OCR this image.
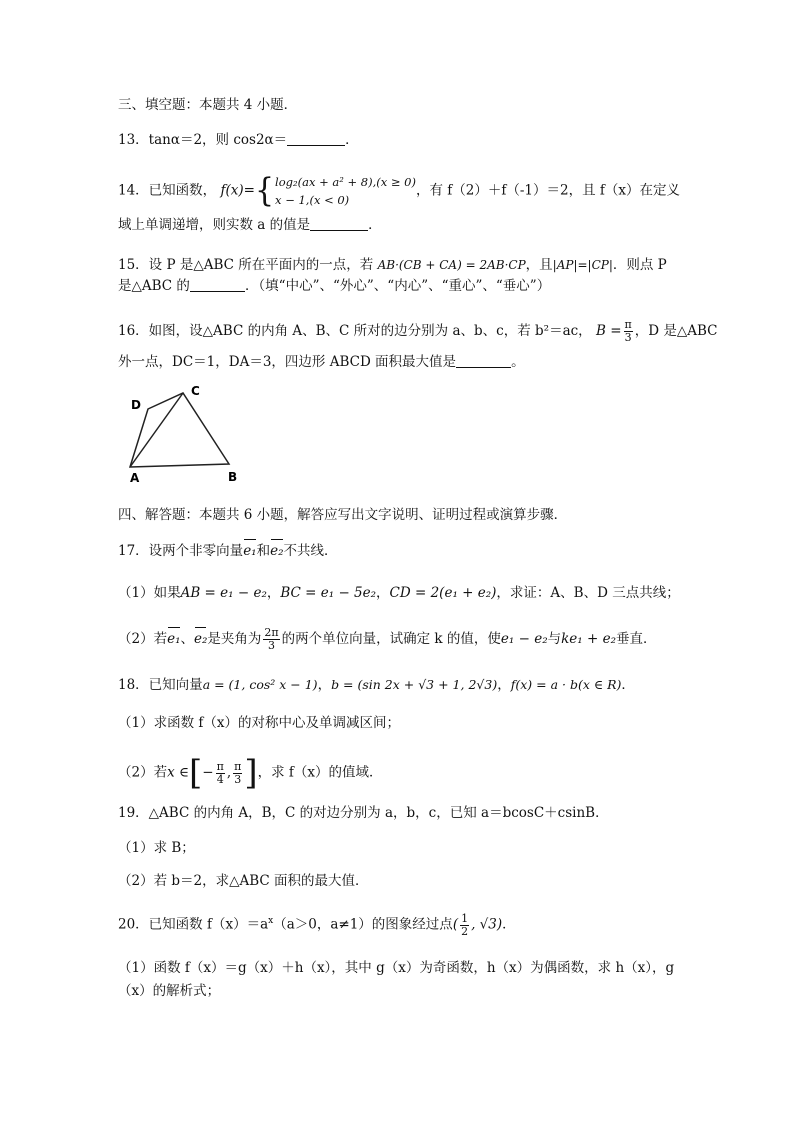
三、填空题：本题共 4 小题．
13．tanα＝2，则 cos2α＝	．
14．已知函数， f(x)={ log₂(ax + a² + 8),(x ≥ 0)
x − 1,(x < 0)
，有 f（2）＋f（-1）＝2，且 f（x）在定义
域上单调递增，则实数 a 的值是	．
15．设 P 是△ABC 所在平面内的一点，若 AB·(CB + CA) = 2AB·CP，且|AP|=|CP|．则点 P
是△ABC 的	．（填“中心”、“外心”、“内心”、“重心”、“垂心”）
16．如图，设△ABC 的内角 A、B、C 所对的边分别为 a、b、c，若 b²＝ac， $B = \frac{\pi}{3}$ ，D 是△ABC
外一点，DC＝1，DA＝3，四边形 ABCD 面积最大值是	。
A	B
C
D
四、解答题：本题共 6 小题，解答应写出文字说明、证明过程或演算步骤．
17．设两个非零向量e₁和e₂不共线．
（1）如果AB = e₁ − e₂，BC = e₁ − 5e₂，CD = 2(e₁ + e₂)，求证：A、B、D 三点共线；
（2）若e₁、e₂是夹角为 $\frac{2\pi}{3}$ 的两个单位向量，试确定 k 的值，使e₁ − e₂与ke₁ + e₂垂直．
18．已知向量a = (1, cos² x − 1)，b = (sin 2x + √3 + 1, 2√3)，f(x) = a · b(x ∈ R)．
（1）求函数 f（x）的对称中心及单调减区间；
（2）若x ∈[− $\frac{\pi}{4}$ , $\frac{\pi}{3}$ ]，求 f（x）的值域．
19．△ABC 的内角 A，B，C 的对边分别为 a，b，c，已知 a＝bcosC＋csinB．
（1）求 B；
（2）若 b＝2，求△ABC 面积的最大值．
20．已知函数 $f(x)=a^x(a>0$，a≠1）的图象经过点( $\frac{1}{2}$ , √3)．
（1）函数 f（x）＝g（x）＋h（x），其中 g（x）为奇函数，h（x）为偶函数，求 h（x），g
（x）的解析式；
